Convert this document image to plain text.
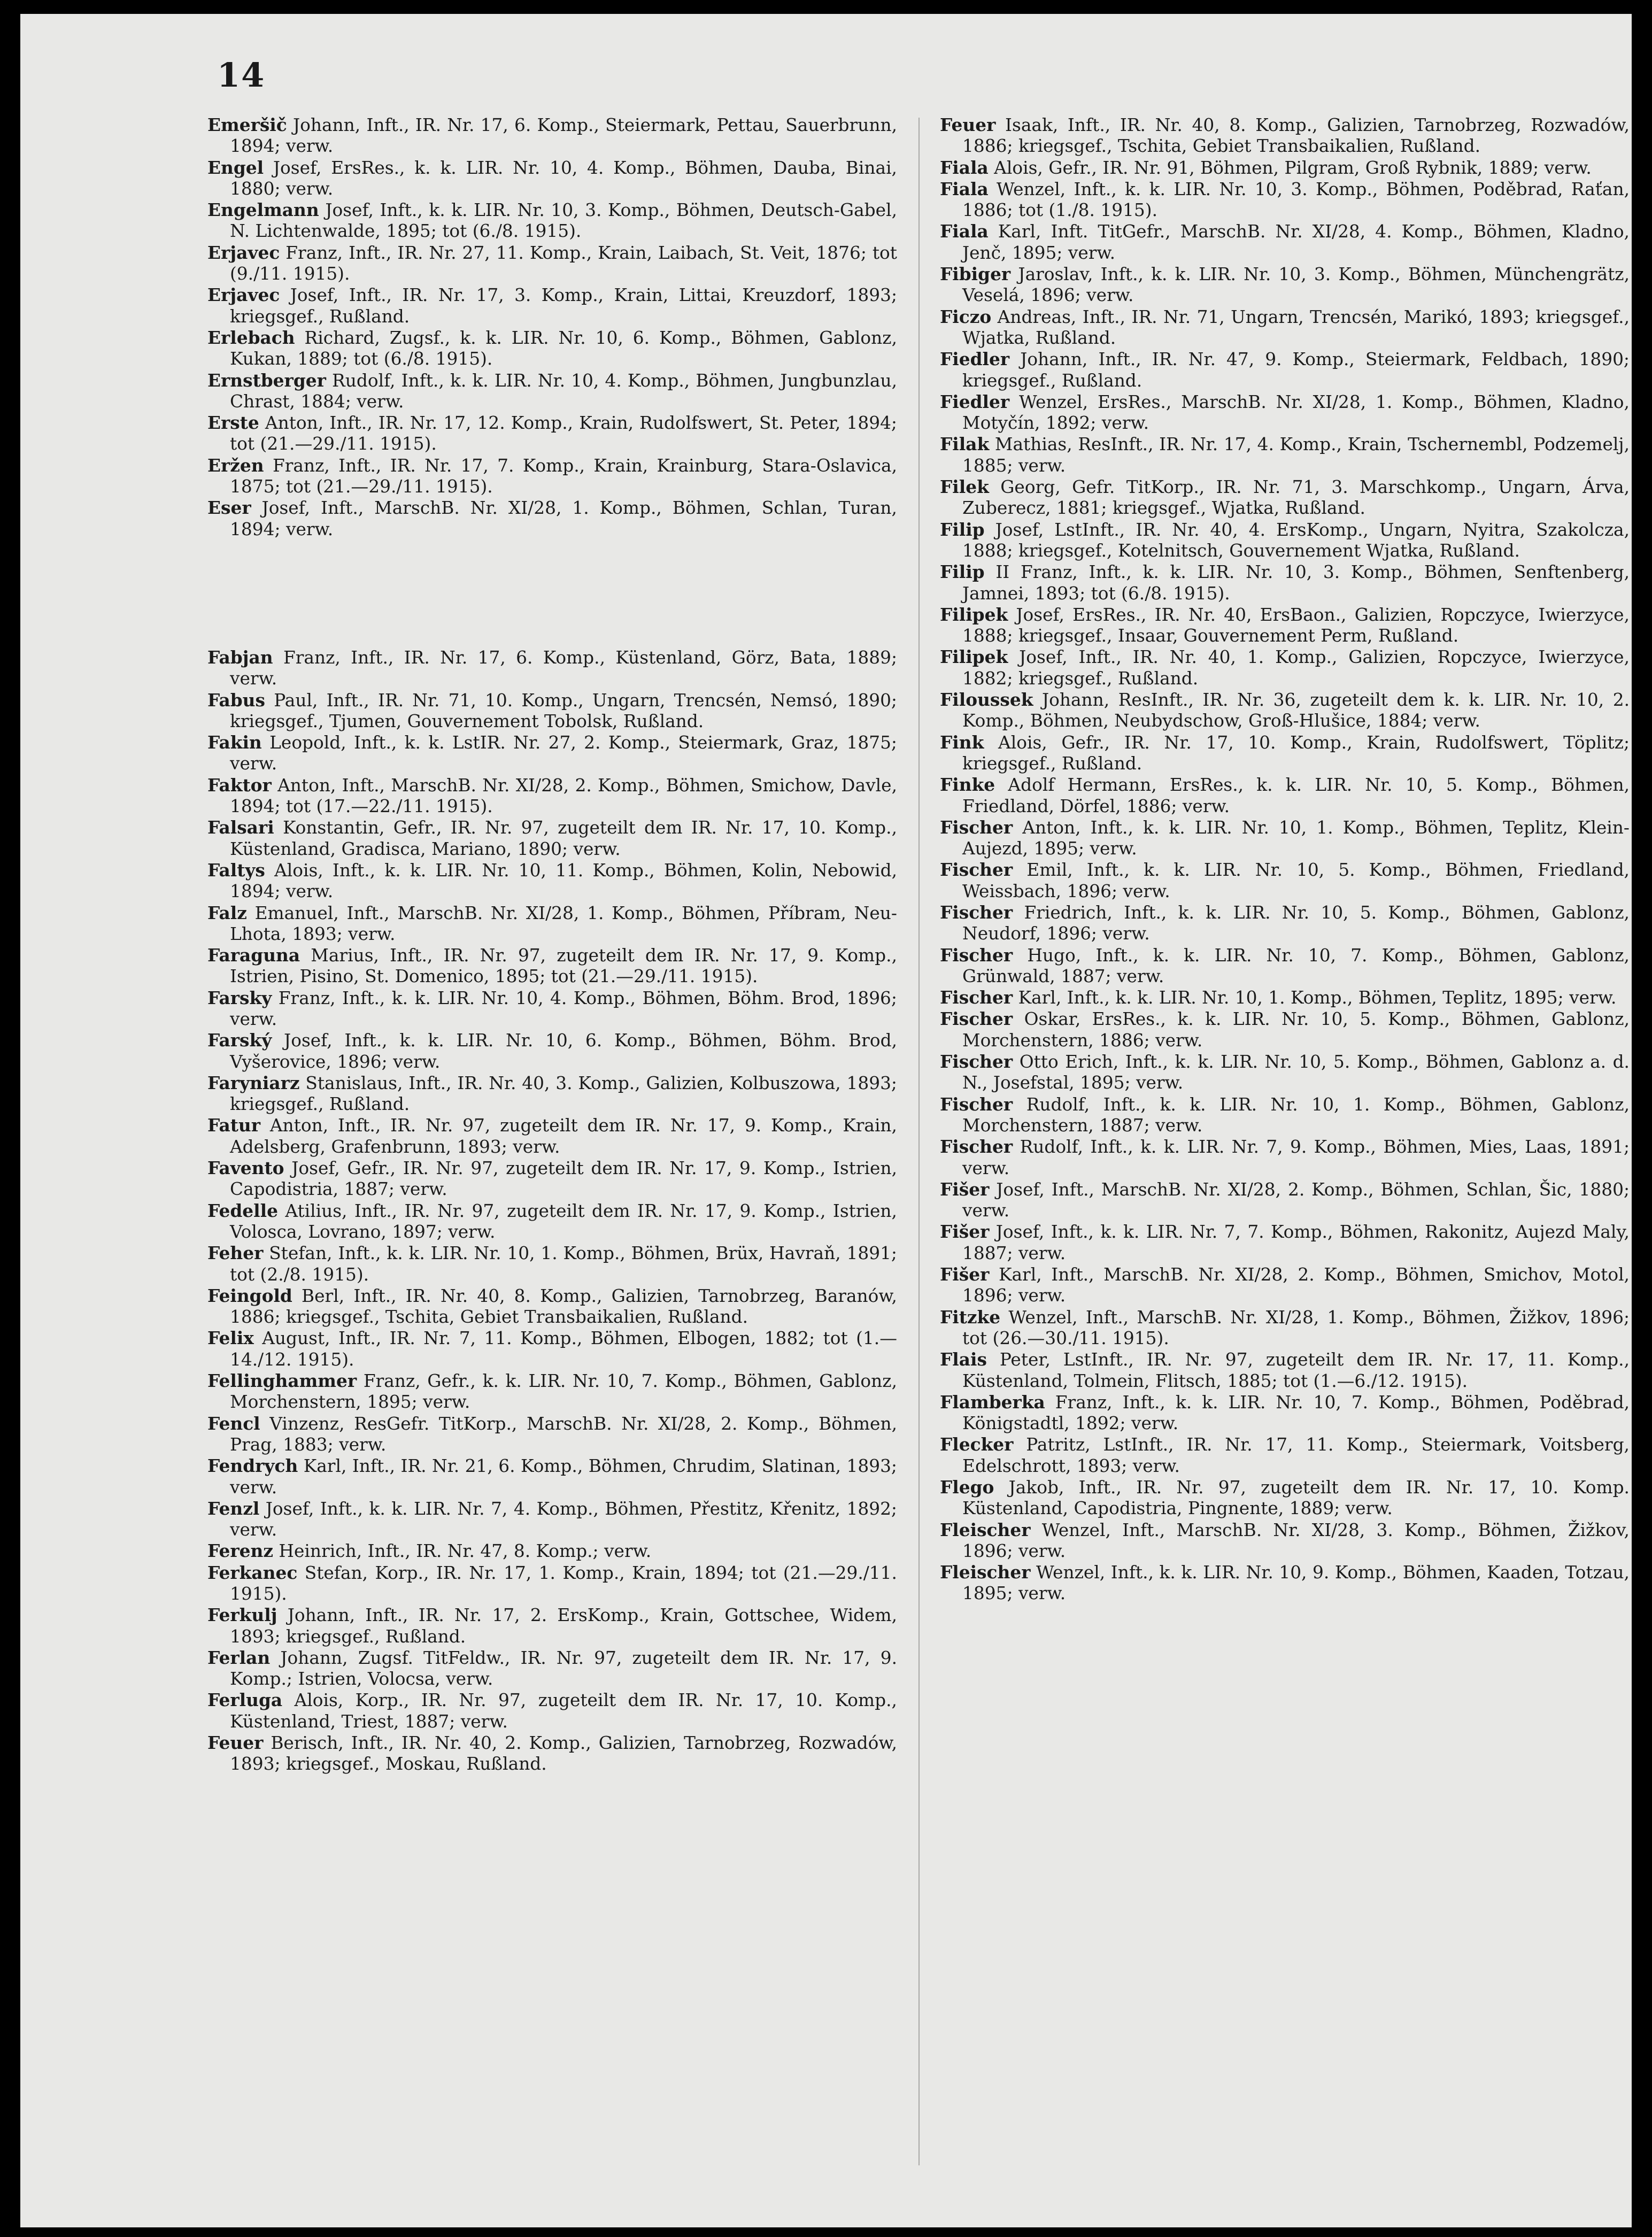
14

Emeršič Johann, Inft., IR. Nr. 17, 6. Komp., Steiermark, Pettau, Sauerbrunn, 1894; verw.

Engel Josef, ErsRes., k. k. LIR. Nr. 10, 4. Komp., Böhmen, Dauba, Binai, 1880; verw.

Engelmann Josef, Inft., k. k. LIR. Nr. 10, 3. Komp., Böhmen, Deutsch-Gabel, N. Lichtenwalde, 1895; tot (6./8. 1915).

Erjavec Franz, Inft., IR. Nr. 27, 11. Komp., Krain, Laibach, St. Veit, 1876; tot (9./11. 1915).

Erjavec Josef, Inft., IR. Nr. 17, 3. Komp., Krain, Littai, Kreuzdorf, 1893; kriegsgef., Rußland.

Erlebach Richard, Zugsf., k. k. LIR. Nr. 10, 6. Komp., Böhmen, Gablonz, Kukan, 1889; tot (6./8. 1915).

Ernstberger Rudolf, Inft., k. k. LIR. Nr. 10, 4. Komp., Böhmen, Jungbunzlau, Chrast, 1884; verw.

Erste Anton, Inft., IR. Nr. 17, 12. Komp., Krain, Rudolfswert, St. Peter, 1894; tot (21.—29./11. 1915).

Eržen Franz, Inft., IR. Nr. 17, 7. Komp., Krain, Krainburg, Stara-Oslavica, 1875; tot (21.—29./11. 1915).

Eser Josef, Inft., MarschB. Nr. XI/28, 1. Komp., Böhmen, Schlan, Turan, 1894; verw.

Fabjan Franz, Inft., IR. Nr. 17, 6. Komp., Küstenland, Görz, Bata, 1889; verw.

Fabus Paul, Inft., IR. Nr. 71, 10. Komp., Ungarn, Trencsén, Nemsó, 1890; kriegsgef., Tjumen, Gouvernement Tobolsk, Rußland.

Fakin Leopold, Inft., k. k. LstIR. Nr. 27, 2. Komp., Steiermark, Graz, 1875; verw.

Faktor Anton, Inft., MarschB. Nr. XI/28, 2. Komp., Böhmen, Smichow, Davle, 1894; tot (17.—22./11. 1915).

Falsari Konstantin, Gefr., IR. Nr. 97, zugeteilt dem IR. Nr. 17, 10. Komp., Küstenland, Gradisca, Mariano, 1890; verw.

Faltys Alois, Inft., k. k. LIR. Nr. 10, 11. Komp., Böhmen, Kolin, Nebowid, 1894; verw.

Falz Emanuel, Inft., MarschB. Nr. XI/28, 1. Komp., Böhmen, Příbram, Neu-Lhota, 1893; verw.

Faraguna Marius, Inft., IR. Nr. 97, zugeteilt dem IR. Nr. 17, 9. Komp., Istrien, Pisino, St. Domenico, 1895; tot (21.—29./11. 1915).

Farsky Franz, Inft., k. k. LIR. Nr. 10, 4. Komp., Böhmen, Böhm. Brod, 1896; verw.

Farský Josef, Inft., k. k. LIR. Nr. 10, 6. Komp., Böhmen, Böhm. Brod, Vyšerovice, 1896; verw.

Faryniarz Stanislaus, Inft., IR. Nr. 40, 3. Komp., Galizien, Kolbuszowa, 1893; kriegsgef., Rußland.

Fatur Anton, Inft., IR. Nr. 97, zugeteilt dem IR. Nr. 17, 9. Komp., Krain, Adelsberg, Grafenbrunn, 1893; verw.

Favento Josef, Gefr., IR. Nr. 97, zugeteilt dem IR. Nr. 17, 9. Komp., Istrien, Capodistria, 1887; verw.

Fedelle Atilius, Inft., IR. Nr. 97, zugeteilt dem IR. Nr. 17, 9. Komp., Istrien, Volosca, Lovrano, 1897; verw.

Feher Stefan, Inft., k. k. LIR. Nr. 10, 1. Komp., Böhmen, Brüx, Havraň, 1891; tot (2./8. 1915).

Feingold Berl, Inft., IR. Nr. 40, 8. Komp., Galizien, Tarnobrzeg, Baranów, 1886; kriegsgef., Tschita, Gebiet Transbaikalien, Rußland.

Felix August, Inft., IR. Nr. 7, 11. Komp., Böhmen, Elbogen, 1882; tot (1.—14./12. 1915).

Fellinghammer Franz, Gefr., k. k. LIR. Nr. 10, 7. Komp., Böhmen, Gablonz, Morchenstern, 1895; verw.

Fencl Vinzenz, ResGefr. TitKorp., MarschB. Nr. XI/28, 2. Komp., Böhmen, Prag, 1883; verw.

Fendrych Karl, Inft., IR. Nr. 21, 6. Komp., Böhmen, Chrudim, Slatinan, 1893; verw.

Fenzl Josef, Inft., k. k. LIR. Nr. 7, 4. Komp., Böhmen, Přestitz, Křenitz, 1892; verw.

Ferenz Heinrich, Inft., IR. Nr. 47, 8. Komp.; verw.

Ferkanec Stefan, Korp., IR. Nr. 17, 1. Komp., Krain, 1894; tot (21.—29./11. 1915).

Ferkulj Johann, Inft., IR. Nr. 17, 2. ErsKomp., Krain, Gottschee, Widem, 1893; kriegsgef., Rußland.

Ferlan Johann, Zugsf. TitFeldw., IR. Nr. 97, zugeteilt dem IR. Nr. 17, 9. Komp.; Istrien, Volocsa, verw.

Ferluga Alois, Korp., IR. Nr. 97, zugeteilt dem IR. Nr. 17, 10. Komp., Küstenland, Triest, 1887; verw.

Feuer Berisch, Inft., IR. Nr. 40, 2. Komp., Galizien, Tarnobrzeg, Rozwadów, 1893; kriegsgef., Moskau, Rußland.

Feuer Isaak, Inft., IR. Nr. 40, 8. Komp., Galizien, Tarnobrzeg, Rozwadów, 1886; kriegsgef., Tschita, Gebiet Transbaikalien, Rußland.

Fiala Alois, Gefr., IR. Nr. 91, Böhmen, Pilgram, Groß Rybnik, 1889; verw.

Fiala Wenzel, Inft., k. k. LIR. Nr. 10, 3. Komp., Böhmen, Poděbrad, Raťan, 1886; tot (1./8. 1915).

Fiala Karl, Inft. TitGefr., MarschB. Nr. XI/28, 4. Komp., Böhmen, Kladno, Jenč, 1895; verw.

Fibiger Jaroslav, Inft., k. k. LIR. Nr. 10, 3. Komp., Böhmen, Münchengrätz, Veselá, 1896; verw.

Ficzo Andreas, Inft., IR. Nr. 71, Ungarn, Trencsén, Marikó, 1893; kriegsgef., Wjatka, Rußland.

Fiedler Johann, Inft., IR. Nr. 47, 9. Komp., Steiermark, Feldbach, 1890; kriegsgef., Rußland.

Fiedler Wenzel, ErsRes., MarschB. Nr. XI/28, 1. Komp., Böhmen, Kladno, Motyčín, 1892; verw.

Filak Mathias, ResInft., IR. Nr. 17, 4. Komp., Krain, Tschernembl, Podzemelj, 1885; verw.

Filek Georg, Gefr. TitKorp., IR. Nr. 71, 3. Marschkomp., Ungarn, Árva, Zuberecz, 1881; kriegsgef., Wjatka, Rußland.

Filip Josef, LstInft., IR. Nr. 40, 4. ErsKomp., Ungarn, Nyitra, Szakolcza, 1888; kriegsgef., Kotelnitsch, Gouvernement Wjatka, Rußland.

Filip II Franz, Inft., k. k. LIR. Nr. 10, 3. Komp., Böhmen, Senftenberg, Jamnei, 1893; tot (6./8. 1915).

Filipek Josef, ErsRes., IR. Nr. 40, ErsBaon., Galizien, Ropczyce, Iwierzyce, 1888; kriegsgef., Insaar, Gouvernement Perm, Rußland.

Filipek Josef, Inft., IR. Nr. 40, 1. Komp., Galizien, Ropczyce, Iwierzyce, 1882; kriegsgef., Rußland.

Filoussek Johann, ResInft., IR. Nr. 36, zugeteilt dem k. k. LIR. Nr. 10, 2. Komp., Böhmen, Neubydschow, Groß-Hlušice, 1884; verw.

Fink Alois, Gefr., IR. Nr. 17, 10. Komp., Krain, Rudolfswert, Töplitz; kriegsgef., Rußland.

Finke Adolf Hermann, ErsRes., k. k. LIR. Nr. 10, 5. Komp., Böhmen, Friedland, Dörfel, 1886; verw.

Fischer Anton, Inft., k. k. LIR. Nr. 10, 1. Komp., Böhmen, Teplitz, Klein-Aujezd, 1895; verw.

Fischer Emil, Inft., k. k. LIR. Nr. 10, 5. Komp., Böhmen, Friedland, Weissbach, 1896; verw.

Fischer Friedrich, Inft., k. k. LIR. Nr. 10, 5. Komp., Böhmen, Gablonz, Neudorf, 1896; verw.

Fischer Hugo, Inft., k. k. LIR. Nr. 10, 7. Komp., Böhmen, Gablonz, Grünwald, 1887; verw.

Fischer Karl, Inft., k. k. LIR. Nr. 10, 1. Komp., Böhmen, Teplitz, 1895; verw.

Fischer Oskar, ErsRes., k. k. LIR. Nr. 10, 5. Komp., Böhmen, Gablonz, Morchenstern, 1886; verw.

Fischer Otto Erich, Inft., k. k. LIR. Nr. 10, 5. Komp., Böhmen, Gablonz a. d. N., Josefstal, 1895; verw.

Fischer Rudolf, Inft., k. k. LIR. Nr. 10, 1. Komp., Böhmen, Gablonz, Morchenstern, 1887; verw.

Fischer Rudolf, Inft., k. k. LIR. Nr. 7, 9. Komp., Böhmen, Mies, Laas, 1891; verw.

Fišer Josef, Inft., MarschB. Nr. XI/28, 2. Komp., Böhmen, Schlan, Šic, 1880; verw.

Fišer Josef, Inft., k. k. LIR. Nr. 7, 7. Komp., Böhmen, Rakonitz, Aujezd Maly, 1887; verw.

Fišer Karl, Inft., MarschB. Nr. XI/28, 2. Komp., Böhmen, Smichov, Motol, 1896; verw.

Fitzke Wenzel, Inft., MarschB. Nr. XI/28, 1. Komp., Böhmen, Žižkov, 1896; tot (26.—30./11. 1915).

Flais Peter, LstInft., IR. Nr. 97, zugeteilt dem IR. Nr. 17, 11. Komp., Küstenland, Tolmein, Flitsch, 1885; tot (1.—6./12. 1915).

Flamberka Franz, Inft., k. k. LIR. Nr. 10, 7. Komp., Böhmen, Poděbrad, Königstadtl, 1892; verw.

Flecker Patritz, LstInft., IR. Nr. 17, 11. Komp., Steiermark, Voitsberg, Edelschrott, 1893; verw.

Flego Jakob, Inft., IR. Nr. 97, zugeteilt dem IR. Nr. 17, 10. Komp. Küstenland, Capodistria, Pingnente, 1889; verw.

Fleischer Wenzel, Inft., MarschB. Nr. XI/28, 3. Komp., Böhmen, Žižkov, 1896; verw.

Fleischer Wenzel, Inft., k. k. LIR. Nr. 10, 9. Komp., Böhmen, Kaaden, Totzau, 1895; verw.
